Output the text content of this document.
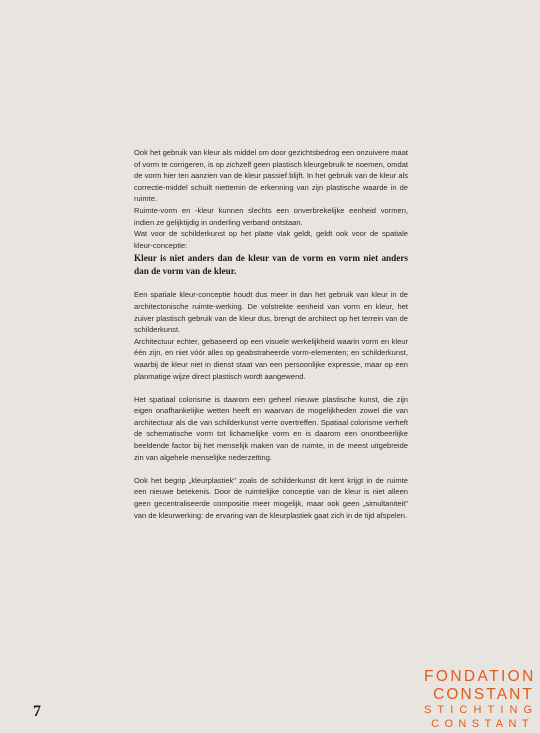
Ook het gebruik van kleur als middel om door gezichtsbedrog een onzuivere maat of vorm te corrigeren, is op zichzelf geen plastisch kleurgebruik te noemen, omdat de vorm hier ten aanzien van de kleur passief blijft. In het gebruik van de kleur als correctie-middel schuilt niettemin de erkenning van zijn plastische waarde in de ruimte.

Ruimte-vorm en -kleur kunnen slechts een onverbrekelijke eenheid vormen, indien ze gelijktijdig in onderling verband ontstaan.

Wat voor de schilderkunst op het platte vlak geldt, geldt ook voor de spatiale kleur-conceptie:

Kleur is niet anders dan de kleur van de vorm en vorm niet anders dan de vorm van de kleur.

Een spatiale kleur-conceptie houdt dus meer in dan het gebruik van kleur in de architectonische ruimte-werking. De volstrekte eenheid van vorm en kleur, het zuiver plastisch gebruik van de kleur dus, brengt de architect op het terrein van de schilderkunst.

Architectuur echter, gebaseerd op een visuele werkelijkheid waarin vorm en kleur één zijn, en niet vóór alles op geabstraheerde vorm-elementen; en schilderkunst, waarbij de kleur niet in dienst staat van een persoonlijke expressie, maar op een planmatige wijze direct plastisch wordt aangewend.

Het spatiaal colorisme is daarom een geheel nieuwe plastische kunst, die zijn eigen onafhankelijke wetten heeft en waarvan de mogelijkheden zowel die van architectuur als die van schilderkunst verre overtreffen. Spatiaal colorisme verheft de schematische vorm tot lichamelijke vorm en is daarom een onontbeerlijke beeldende factor bij het menselijk maken van de ruimte, in de meest uitgebreide zin van algehele menselijke nederzetting.

Ook het begrip „kleurplastiek" zoals de schilderkunst dit kent krijgt in de ruimte een nieuwe betekenis. Door de ruimtelijke conceptie van de kleur is niet alleen geen gecentraliseerde compositie meer mogelijk, maar ook geen „simultaniteit" van de kleurwerking: de ervaring van de kleurplastiek gaat zich in de tijd afspelen.

7
FONDATION
CONSTANT
STICHTING
CONSTANT
